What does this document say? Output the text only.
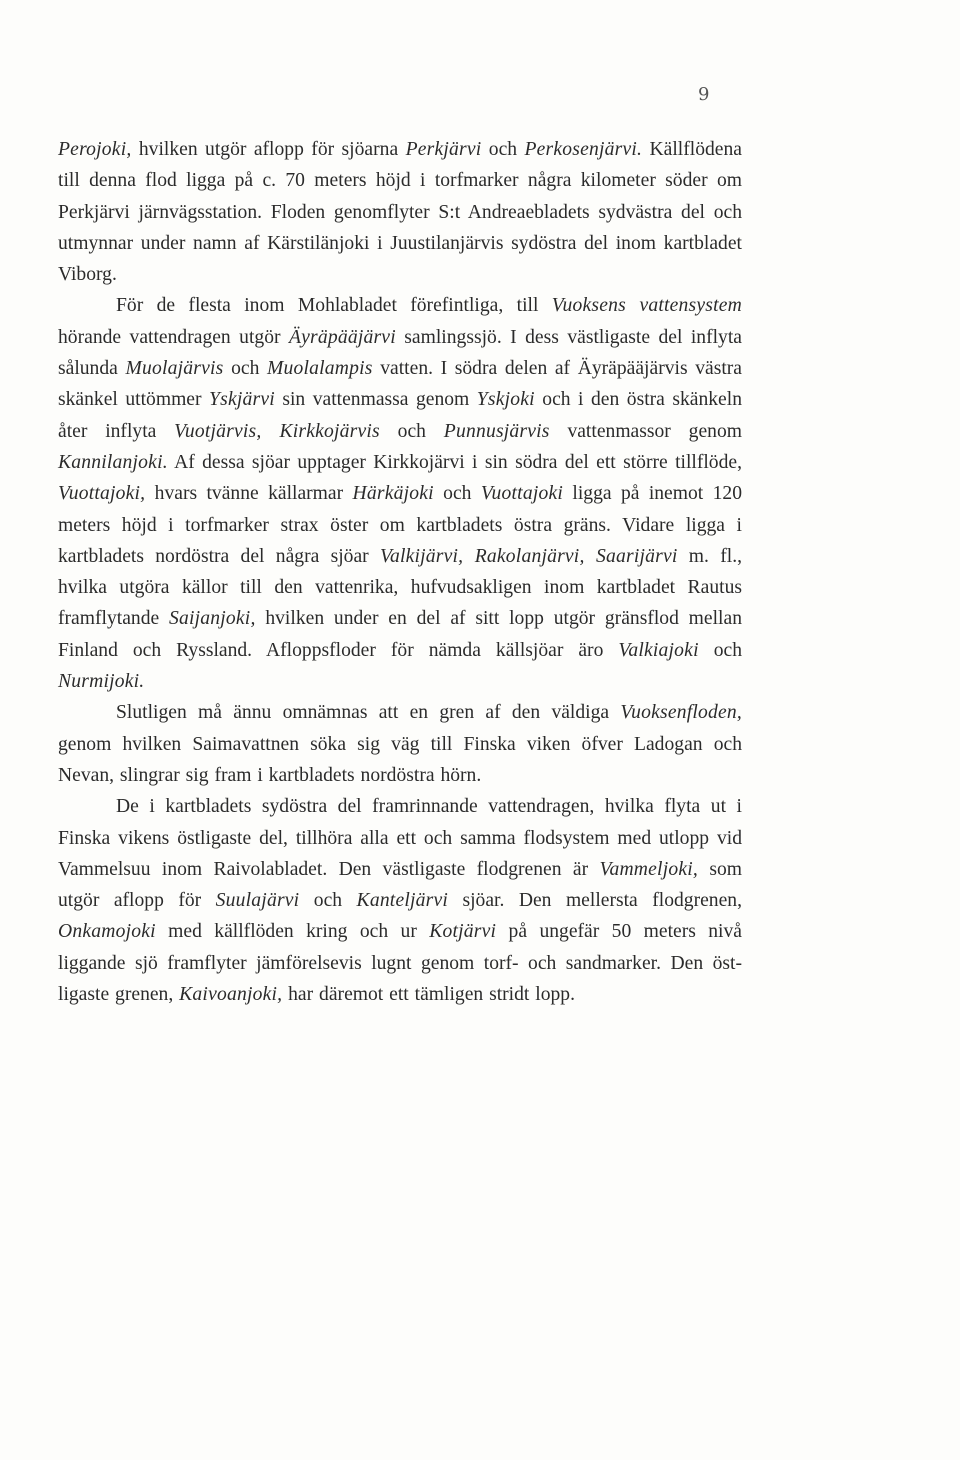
9

Perojoki, hvilken utgör aflopp för sjöarna Perkjärvi och Perkosenjärvi. Källflödena till denna flod ligga på c. 70 meters höjd i torfmarker några kilometer söder om Perkjärvi järnvägsstation. Floden genomflyter S:t Andreaebladets sydvästra del och utmynnar under namn af Kärstilänjoki i Juustilanjärvis sydöstra del inom kartbladet Viborg.

För de flesta inom Mohlabladet förefintliga, till Vuoksens vattensystem hörande vattendragen utgör Äyräpääjärvi samlingssjö. I dess västligaste del inflyta sålunda Muolajärvis och Muolalampis vatten. I södra delen af Äyräpääjärvis västra skänkel uttömmer Yskjärvi sin vattenmassa genom Yskjoki och i den östra skänkeln åter inflyta Vuotjärvis, Kirkkojärvis och Punnusjärvis vattenmassor genom Kannilanjoki. Af dessa sjöar upptager Kirkkojärvi i sin södra del ett större tillflöde, Vuottajoki, hvars tvänne källarmar Härkäjoki och Vuottajoki ligga på inemot 120 meters höjd i torfmarker strax öster om kartbladets östra gräns. Vidare ligga i kartbladets nordöstra del några sjöar Valkijärvi, Rakolanjärvi, Saarijärvi m. fl., hvilka utgöra källor till den vattenrika, hufvudsakligen inom kartbladet Rautus framflytande Saijanjoki, hvilken under en del af sitt lopp utgör gränsflod mellan Finland och Ryssland. Afloppsfloder för nämda källsjöar äro Valkiajoki och Nurmijoki.

Slutligen må ännu omnämnas att en gren af den väldiga Vuoksenfloden, genom hvilken Saimavattnen söka sig väg till Finska viken öfver Ladogan och Nevan, slingrar sig fram i kartbladets nordöstra hörn.

De i kartbladets sydöstra del framrinnande vattendragen, hvilka flyta ut i Finska vikens östligaste del, tillhöra alla ett och samma flodsystem med utlopp vid Vammelsuu inom Raivolabladet. Den västligaste flodgrenen är Vammeljoki, som utgör aflopp för Suulajärvi och Kanteljärvi sjöar. Den mellersta flodgrenen, Onkamojoki med källflöden kring och ur Kotjärvi på ungefär 50 meters nivå liggande sjö framflyter jämförelsevis lugnt genom torf- och sandmarker. Den östligaste grenen, Kaivoanjoki, har däremot ett tämligen stridt lopp.
